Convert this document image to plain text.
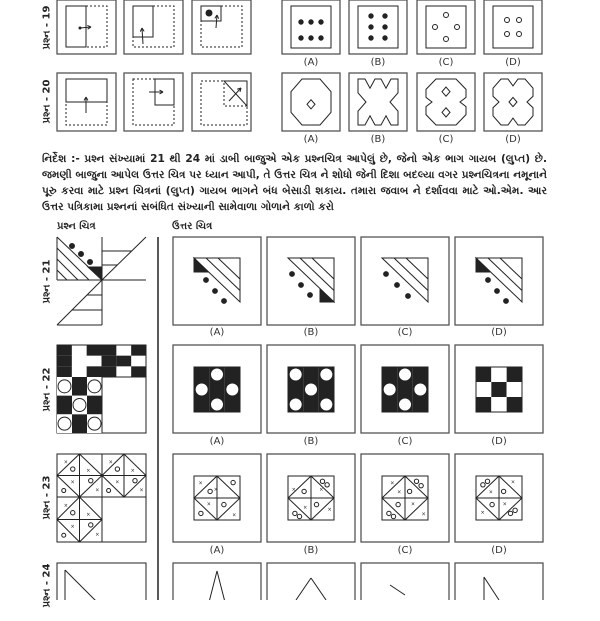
×
×
×
×
×
×
×
×
×
×
×
×
×
×
×
×
×	×
×	×
×
×
×
×
×
×
×
×
પ્રશ્ન - 19
પ્રશ્ન - 20
પ્રશ્ન - 21
પ્રશ્ન - 22
પ્રશ્ન - 23
પ્રશ્ન - 24
નિર્દેશ :- પ્રશ્ન સંખ્યામાં 21 થી 24 માં ડાબી બાજુએ એક પ્રશ્નચિત્ર આપેલું છે, જેનો એક ભાગ ગાયબ (લુપ્ત) છે. જમણી બાજુના આપેલ ઉત્તર ચિત્ર પર ધ્યાન આપી, તે ઉત્તર ચિત્ર ને શોધો જેની દિશા બદલ્યા વગર પ્રશ્નચિત્રના નમૂનાને પૂરુ કરવા માટે પ્રશ્ન ચિત્રનાં (લુપ્ત) ગાયબ ભાગને બંધ બેસાડી શકાય. તમારા જવાબ ને દર્શાવવા માટે ઓ.એમ. આર ઉત્તર પત્રિકામા પ્રશ્નનાં સબંધિત સંખ્યાની સામેવાળા ગોળાને કાળો કરો
પ્રશ્ન ચિત્ર	ઉત્તર ચિત્ર
(A)	(B)	(C)	(D)
(A)	(B)	(C)	(D)
(A)	(B)	(C)	(D)
(A)	(B)	(C)	(D)
(A)	(B)	(C)	(D)
